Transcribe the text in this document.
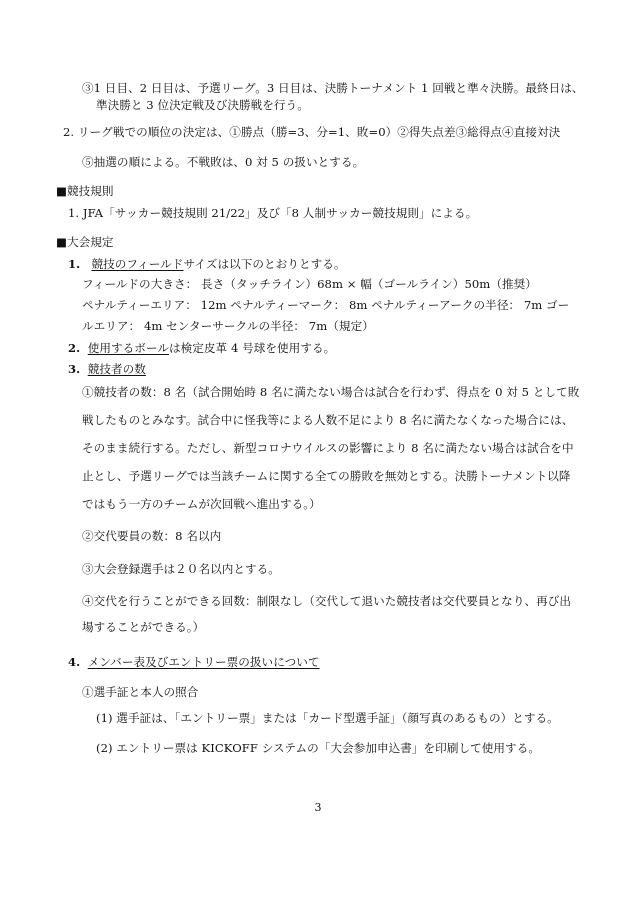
③1 日目、2 日目は、予選リーグ。3 日目は、決勝トーナメント 1 回戦と準々決勝。最終日は、
準決勝と 3 位決定戦及び決勝戦を行う。
2. リーグ戦での順位の決定は、①勝点（勝=3、分=1、敗=0）②得失点差③総得点④直接対決
⑤抽選の順による。不戦敗は、0 対 5 の扱いとする。
■競技規則
1. JFA「サッカー競技規則 21/22」及び「8 人制サッカー競技規則」による。
■大会規定
1. 競技のフィールドサイズは以下のとおりとする。
フィールドの大きさ： 長さ（タッチライン）68m × 幅（ゴールライン）50m（推奨）
ペナルティーエリア： 12m ペナルティーマーク： 8m ペナルティーアークの半径： 7m ゴー
ルエリア： 4m センターサークルの半径： 7m（規定）
2. 使用するボールは検定皮革 4 号球を使用する。
3. 競技者の数
①競技者の数：8 名（試合開始時 8 名に満たない場合は試合を行わず、得点を 0 対 5 として敗
戦したものとみなす。試合中に怪我等による人数不足により 8 名に満たなくなった場合には、
そのまま続行する。ただし、新型コロナウイルスの影響により 8 名に満たない場合は試合を中
止とし、予選リーグでは当該チームに関する全ての勝敗を無効とする。決勝トーナメント以降
ではもう一方のチームが次回戦へ進出する。）
②交代要員の数：8 名以内
③大会登録選手は２０名以内とする。
④交代を行うことができる回数：制限なし（交代して退いた競技者は交代要員となり、再び出
場することができる。）
4. メンバー表及びエントリー票の扱いについて
①選手証と本人の照合
(1) 選手証は、「エントリー票」または「カード型選手証」（顔写真のあるもの）とする。
(2) エントリー票は KICKOFF システムの「大会参加申込書」を印刷して使用する。
3
